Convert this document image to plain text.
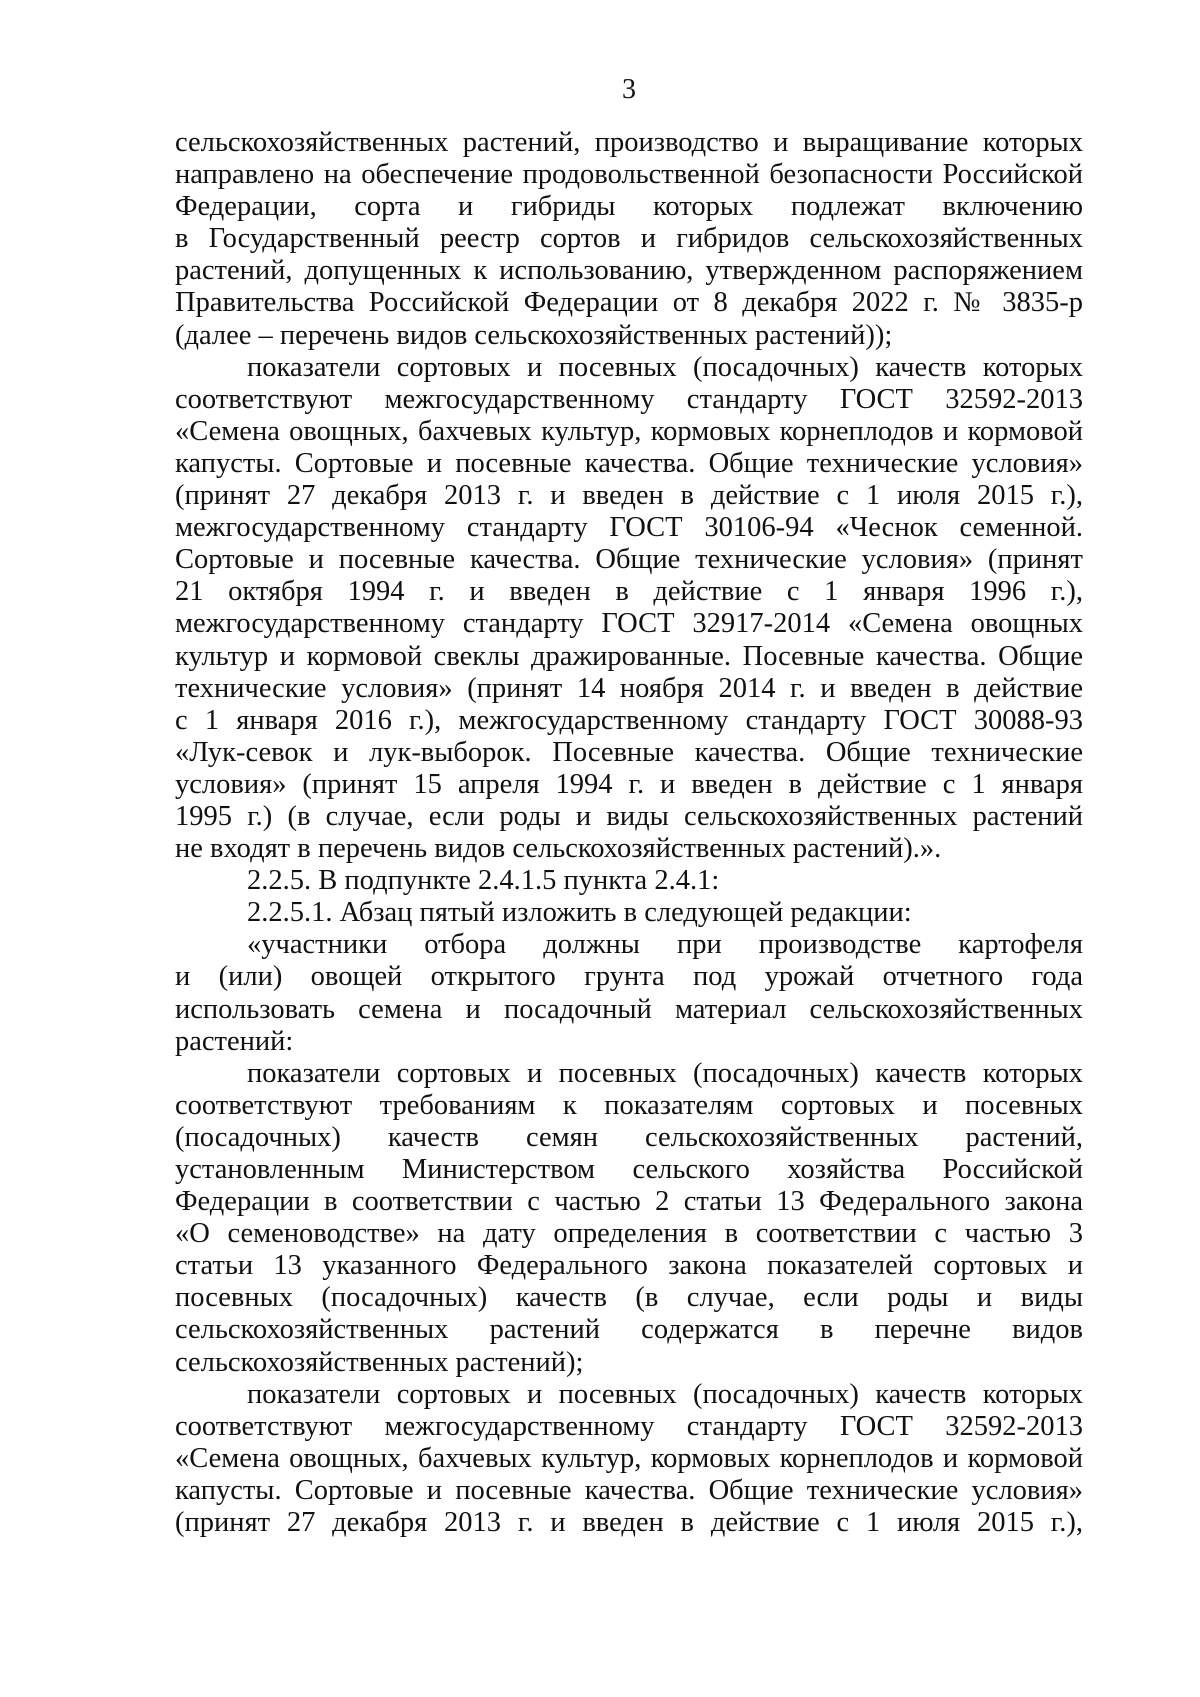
3
сельскохозяйственных растений, производство и выращивание которых
направлено на обеспечение продовольственной безопасности Российской
Федерации, сорта и гибриды которых подлежат включению
в Государственный реестр сортов и гибридов сельскохозяйственных
растений, допущенных к использованию, утвержденном распоряжением
Правительства Российской Федерации от 8 декабря 2022 г. № 3835-р
(далее – перечень видов сельскохозяйственных растений));
показатели сортовых и посевных (посадочных) качеств которых
соответствуют межгосударственному стандарту ГОСТ 32592-2013
«Семена овощных, бахчевых культур, кормовых корнеплодов и кормовой
капусты. Сортовые и посевные качества. Общие технические условия»
(принят 27 декабря 2013 г. и введен в действие с 1 июля 2015 г.),
межгосударственному стандарту ГОСТ 30106-94 «Чеснок семенной.
Сортовые и посевные качества. Общие технические условия» (принят
21 октября 1994 г. и введен в действие с 1 января 1996 г.),
межгосударственному стандарту ГОСТ 32917-2014 «Семена овощных
культур и кормовой свеклы дражированные. Посевные качества. Общие
технические условия» (принят 14 ноября 2014 г. и введен в действие
с 1 января 2016 г.), межгосударственному стандарту ГОСТ 30088-93
«Лук-севок и лук-выборок. Посевные качества. Общие технические
условия» (принят 15 апреля 1994 г. и введен в действие с 1 января
1995 г.) (в случае, если роды и виды сельскохозяйственных растений
не входят в перечень видов сельскохозяйственных растений).».
2.2.5. В подпункте 2.4.1.5 пункта 2.4.1:
2.2.5.1. Абзац пятый изложить в следующей редакции:
«участники отбора должны при производстве картофеля
и (или) овощей открытого грунта под урожай отчетного года
использовать семена и посадочный материал сельскохозяйственных
растений:
показатели сортовых и посевных (посадочных) качеств которых
соответствуют требованиям к показателям сортовых и посевных
(посадочных) качеств семян сельскохозяйственных растений,
установленным Министерством сельского хозяйства Российской
Федерации в соответствии с частью 2 статьи 13 Федерального закона
«О семеноводстве» на дату определения в соответствии с частью 3
статьи 13 указанного Федерального закона показателей сортовых и
посевных (посадочных) качеств (в случае, если роды и виды
сельскохозяйственных растений содержатся в перечне видов
сельскохозяйственных растений);
показатели сортовых и посевных (посадочных) качеств которых
соответствуют межгосударственному стандарту ГОСТ 32592-2013
«Семена овощных, бахчевых культур, кормовых корнеплодов и кормовой
капусты. Сортовые и посевные качества. Общие технические условия»
(принят 27 декабря 2013 г. и введен в действие с 1 июля 2015 г.),
